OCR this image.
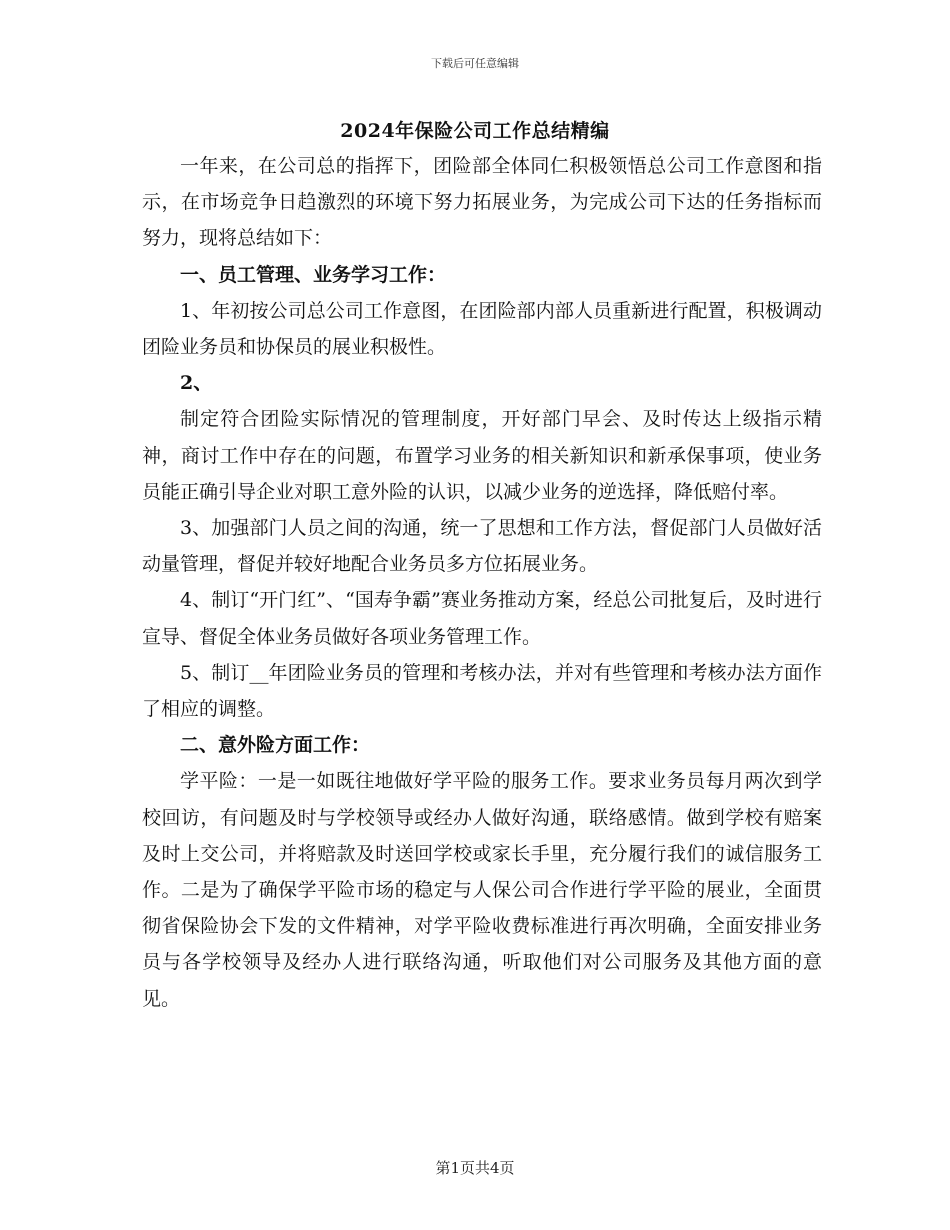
下载后可任意编辑
2024年保险公司工作总结精编

一年来，在公司总的指挥下，团险部全体同仁积极领悟总公司工作意图和指示，在市场竞争日趋激烈的环境下努力拓展业务，为完成公司下达的任务指标而努力，现将总结如下：

一、员工管理、业务学习工作：

1、年初按公司总公司工作意图，在团险部内部人员重新进行配置，积极调动团险业务员和协保员的展业积极性。

2、

制定符合团险实际情况的管理制度，开好部门早会、及时传达上级指示精神，商讨工作中存在的问题，布置学习业务的相关新知识和新承保事项，使业务员能正确引导企业对职工意外险的认识，以减少业务的逆选择，降低赔付率。

3、加强部门人员之间的沟通，统一了思想和工作方法，督促部门人员做好活动量管理，督促并较好地配合业务员多方位拓展业务。

4、制订“开门红”、“国寿争霸”赛业务推动方案，经总公司批复后，及时进行宣导、督促全体业务员做好各项业务管理工作。

5、制订__年团险业务员的管理和考核办法，并对有些管理和考核办法方面作了相应的调整。

二、意外险方面工作：

学平险：一是一如既往地做好学平险的服务工作。要求业务员每月两次到学校回访，有问题及时与学校领导或经办人做好沟通，联络感情。做到学校有赔案及时上交公司，并将赔款及时送回学校或家长手里，充分履行我们的诚信服务工作。二是为了确保学平险市场的稳定与人保公司合作进行学平险的展业，全面贯彻省保险协会下发的文件精神，对学平险收费标准进行再次明确，全面安排业务员与各学校领导及经办人进行联络沟通，听取他们对公司服务及其他方面的意见。

第1页共4页
